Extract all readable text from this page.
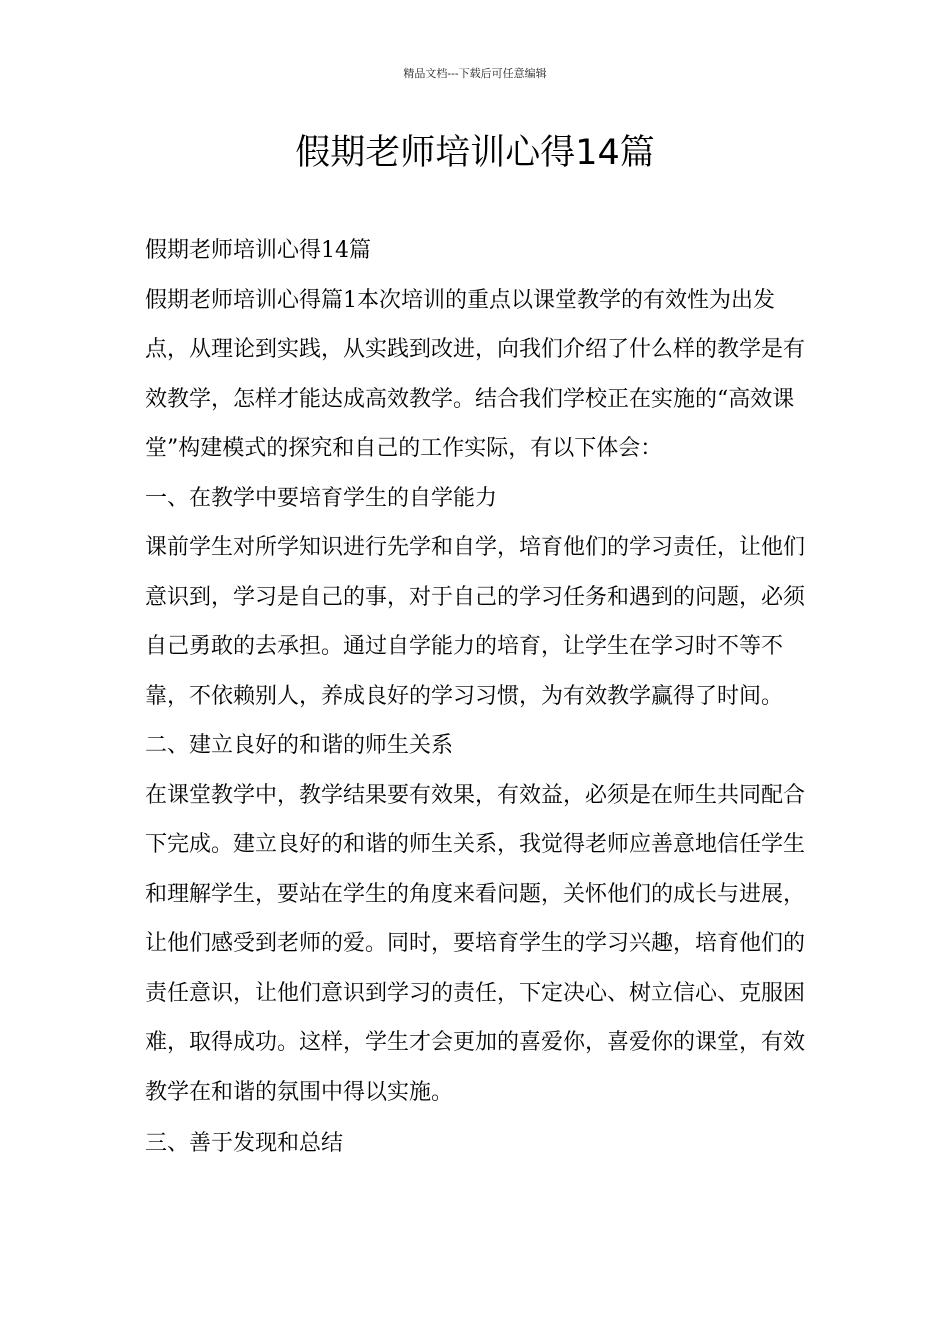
精品文档---下载后可任意编辑
假期老师培训心得14篇

假期老师培训心得14篇

假期老师培训心得篇1本次培训的重点以课堂教学的有效性为出发点，从理论到实践，从实践到改进，向我们介绍了什么样的教学是有效教学，怎样才能达成高效教学。结合我们学校正在实施的“高效课堂”构建模式的探究和自己的工作实际，有以下体会：

一、在教学中要培育学生的自学能力

课前学生对所学知识进行先学和自学，培育他们的学习责任，让他们意识到，学习是自己的事，对于自己的学习任务和遇到的问题，必须自己勇敢的去承担。通过自学能力的培育，让学生在学习时不等不靠，不依赖别人，养成良好的学习习惯，为有效教学赢得了时间。

二、建立良好的和谐的师生关系

在课堂教学中，教学结果要有效果，有效益，必须是在师生共同配合下完成。建立良好的和谐的师生关系，我觉得老师应善意地信任学生和理解学生，要站在学生的角度来看问题，关怀他们的成长与进展，让他们感受到老师的爱。同时，要培育学生的学习兴趣，培育他们的责任意识，让他们意识到学习的责任，下定决心、树立信心、克服困难，取得成功。这样，学生才会更加的喜爱你，喜爱你的课堂，有效教学在和谐的氛围中得以实施。

三、善于发现和总结
